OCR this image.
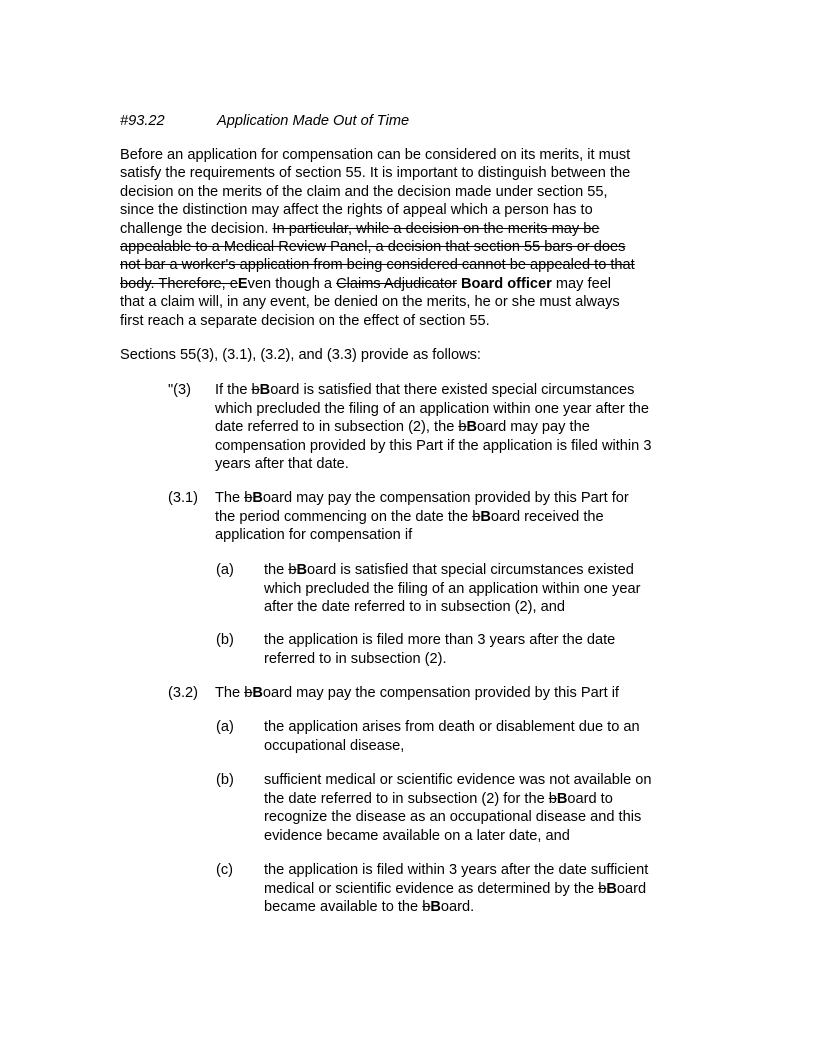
#93.22	Application Made Out of Time
Before an application for compensation can be considered on its merits, it must
satisfy the requirements of section 55. It is important to distinguish between the
decision on the merits of the claim and the decision made under section 55,
since the distinction may affect the rights of appeal which a person has to
challenge the decision. In particular, while a decision on the merits may be
appealable to a Medical Review Panel, a decision that section 55 bars or does
not bar a worker's application from being considered cannot be appealed to that
body. Therefore, eEven though a Claims Adjudicator Board officer may feel
that a claim will, in any event, be denied on the merits, he or she must always
first reach a separate decision on the effect of section 55.
Sections 55(3), (3.1), (3.2), and (3.3) provide as follows:
"(3) If the bBoard is satisfied that there existed special circumstances
which precluded the filing of an application within one year after the
date referred to in subsection (2), the bBoard may pay the
compensation provided by this Part if the application is filed within 3
years after that date.
(3.1) The bBoard may pay the compensation provided by this Part for
the period commencing on the date the bBoard received the
application for compensation if
(a) the bBoard is satisfied that special circumstances existed
which precluded the filing of an application within one year
after the date referred to in subsection (2), and
(b) the application is filed more than 3 years after the date
referred to in subsection (2).
(3.2) The bBoard may pay the compensation provided by this Part if
(a) the application arises from death or disablement due to an
occupational disease,
(b) sufficient medical or scientific evidence was not available on
the date referred to in subsection (2) for the bBoard to
recognize the disease as an occupational disease and this
evidence became available on a later date, and
(c) the application is filed within 3 years after the date sufficient
medical or scientific evidence as determined by the bBoard
became available to the bBoard.
